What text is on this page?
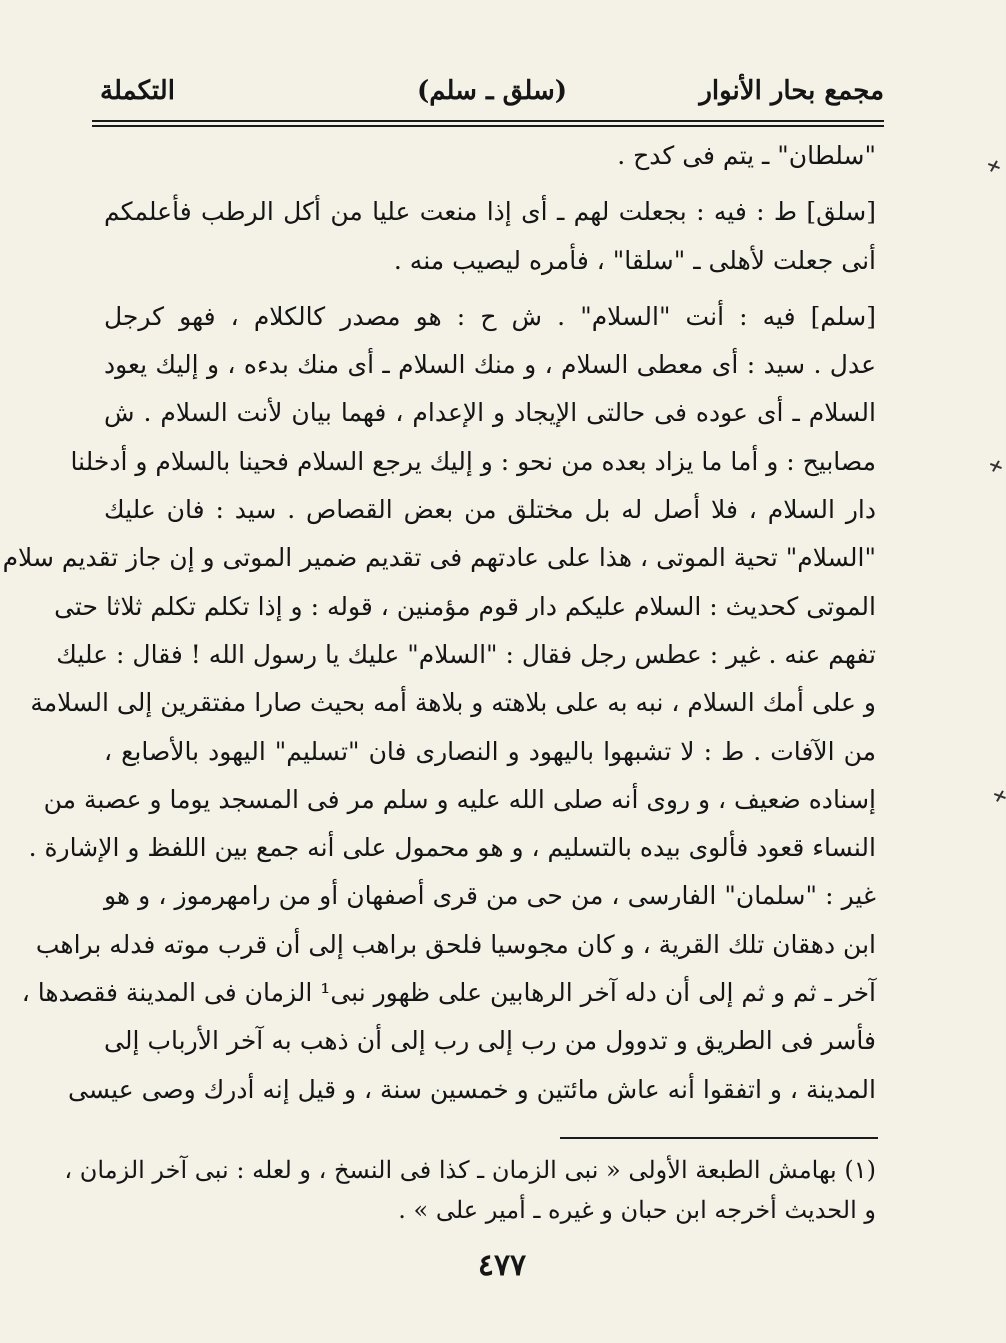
مجمع بحار الأنوار
(سلق ـ سلم)
التكملة
"سلطان" ـ يتم فى كدح .
[سلق] ط : فيه : بجعلت لهم ـ أى إذا منعت عليا من أكل الرطب فأعلمكم
أنى جعلت لأهلى ـ "سلقا" ، فأمره ليصيب منه .
[سلم] فيه : أنت "السلام" . ش ح : هو مصدر كالكلام ، فهو كرجل
عدل . سيد : أى معطى السلام ، و منك السلام ـ أى منك بدءه ، و إليك يعود
السلام ـ أى عوده فى حالتى الإيجاد و الإعدام ، فهما بيان لأنت السلام . ش
مصابيح : و أما ما يزاد بعده من نحو : و إليك يرجع السلام فحينا بالسلام و أدخلنا
دار السلام ، فلا أصل له بل مختلق من بعض القصاص . سيد : فان عليك
"السلام" تحية الموتى ، هذا على عادتهم فى تقديم ضمير الموتى و إن جاز تقديم سلام
الموتى كحديث : السلام عليكم دار قوم مؤمنين ، قوله : و إذا تكلم تكلم ثلاثا حتى
تفهم عنه . غير : عطس رجل فقال : "السلام" عليك يا رسول الله ! فقال : عليك
و على أمك السلام ، نبه به على بلاهته و بلاهة أمه بحيث صارا مفتقرين إلى السلامة
من الآفات . ط : لا تشبهوا باليهود و النصارى فان "تسليم" اليهود بالأصابع ،
إسناده ضعيف ، و روى أنه صلى الله عليه و سلم مر فى المسجد يوما و عصبة من
النساء قعود فألوى بيده بالتسليم ، و هو محمول على أنه جمع بين اللفظ و الإشارة .
غير : "سلمان" الفارسى ، من حى من قرى أصفهان أو من رامهرموز ، و هو
ابن دهقان تلك القرية ، و كان مجوسيا فلحق براهب إلى أن قرب موته فدله براهب
آخر ـ ثم و ثم إلى أن دله آخر الرهابين على ظهور نبى¹ الزمان فى المدينة فقصدها ،
فأسر فى الطريق و تدوول من رب إلى رب إلى أن ذهب به آخر الأرباب إلى
المدينة ، و اتفقوا أنه عاش مائتين و خمسين سنة ، و قيل إنه أدرك وصى عيسى
(١) بهامش الطبعة الأولى « نبى الزمان ـ كذا فى النسخ ، و لعله : نبى آخر الزمان ،
و الحديث أخرجه ابن حبان و غيره ـ أمير على » .
٤٧٧
